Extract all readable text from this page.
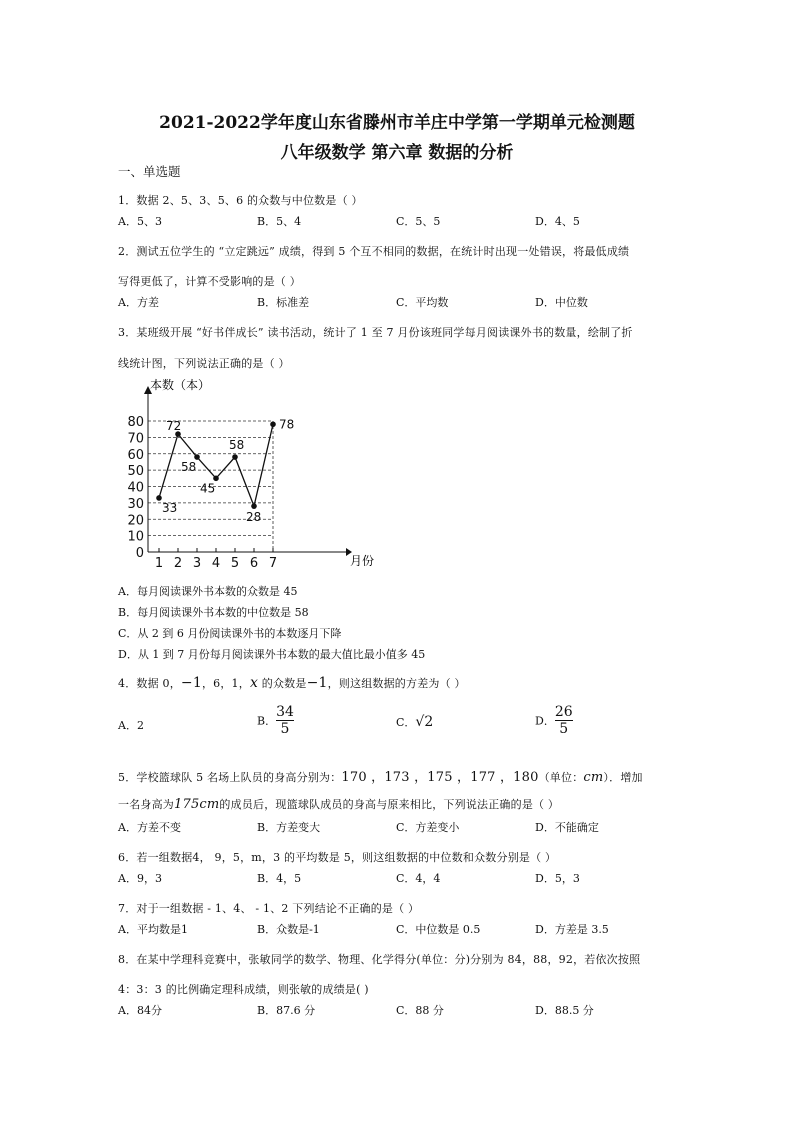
2021-2022学年度山东省滕州市羊庄中学第一学期单元检测题
八年级数学 第六章 数据的分析
一、单选题
1．数据 2、5、3、5、6 的众数与中位数是（ ）
A．5、3	B．5、4	C．5、5	D．4、5
2．测试五位学生的 “立定跳远” 成绩，得到 5 个互不相同的数据，在统计时出现一处错误，将最低成绩
写得更低了，计算不受影响的是（ ）
A．方差	B．标准差	C．平均数	D．中位数
3．某班级开展 “好书伴成长” 读书活动，统计了 1 至 7 月份该班同学每月阅读课外书的数量，绘制了折
线统计图，下列说法正确的是（ ）
0
10
20
30
40
50
60
70
80
1 2 3 4 5 6 7
33
72
58
45
58
28
78
本数（本）
月份
A．每月阅读课外书本数的众数是 45
B．每月阅读课外书本数的中位数是 58
C．从 2 到 6 月份阅读课外书的本数逐月下降
D．从 1 到 7 月份每月阅读课外书本数的最大值比最小值多 45
4．数据 0，−1，6，1，x 的众数是−1，则这组数据的方差为（ ）
A．2	B． $\frac{34}{5}$	C．√2	D． $\frac{26}{5}$
5．学校篮球队 5 名场上队员的身高分别为：170 ，173 ，175 ，177 ，180（单位：cm）．增加
一名身高为175cm的成员后，现篮球队成员的身高与原来相比，下列说法正确的是（ ）
A．方差不变	B．方差变大	C．方差变小	D．不能确定
6．若一组数据4， 9，5，m，3 的平均数是 5，则这组数据的中位数和众数分别是（ ）
A．9，3	B．4，5	C．4，4	D．5，3
7．对于一组数据 - 1、4、 - 1、2 下列结论不正确的是（ ）
A．平均数是1	B．众数是-1	C．中位数是 0.5	D．方差是 3.5
8．在某中学理科竞赛中，张敏同学的数学、物理、化学得分(单位：分)分别为 84，88，92，若依次按照
4：3：3 的比例确定理科成绩，则张敏的成绩是( )
A．84分	B．87.6 分	C．88 分	D．88.5 分
